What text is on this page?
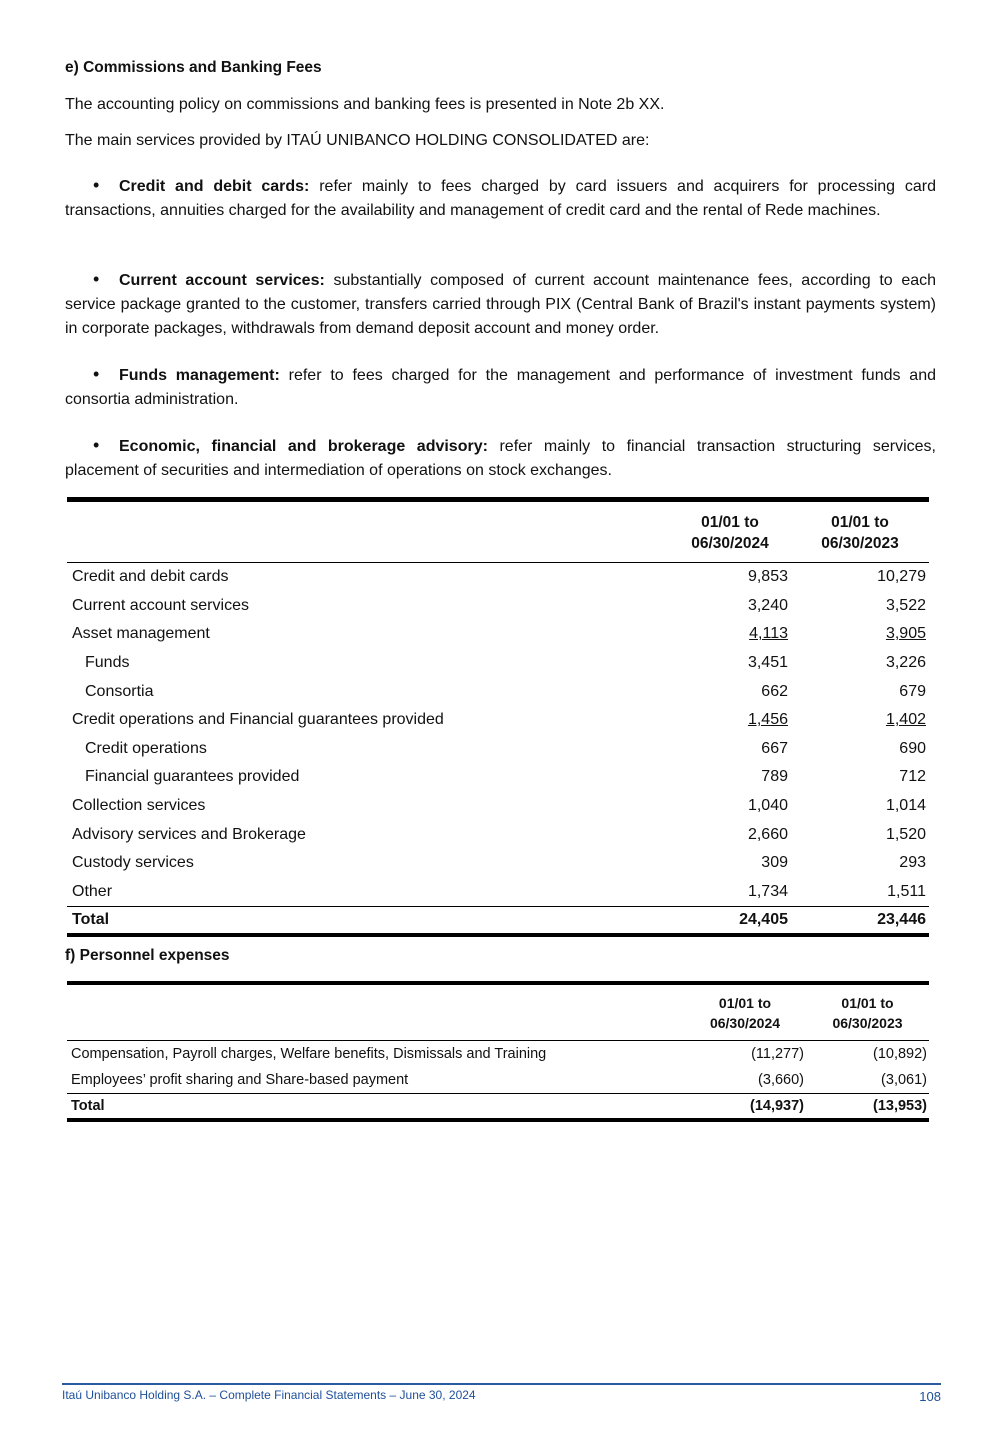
e) Commissions and Banking Fees
The accounting policy on commissions and banking fees is presented in Note 2b XX.
The main services provided by ITAÚ UNIBANCO HOLDING CONSOLIDATED are:
• Credit and debit cards: refer mainly to fees charged by card issuers and acquirers for processing card transactions, annuities charged for the availability and management of credit card and the rental of Rede machines.
• Current account services: substantially composed of current account maintenance fees, according to each service package granted to the customer, transfers carried through PIX (Central Bank of Brazil's instant payments system) in corporate packages, withdrawals from demand deposit account and money order.
• Funds management: refer to fees charged for the management and performance of investment funds and consortia administration.
• Economic, financial and brokerage advisory: refer mainly to financial transaction structuring services, placement of securities and intermediation of operations on stock exchanges.
	01/01 to
06/30/2024	01/01 to
06/30/2023
Credit and debit cards	9,853	10,279
Current account services	3,240	3,522
Asset management	4,113	3,905
Funds	3,451	3,226
Consortia	662	679
Credit operations and Financial guarantees provided	1,456	1,402
Credit operations	667	690
Financial guarantees provided	789	712
Collection services	1,040	1,014
Advisory services and Brokerage	2,660	1,520
Custody services	309	293
Other	1,734	1,511
Total	24,405	23,446
f) Personnel expenses
	01/01 to
06/30/2024	01/01 to
06/30/2023
Compensation, Payroll charges, Welfare benefits, Dismissals and Training	(11,277)	(10,892)
Employees’ profit sharing and Share-based payment	(3,660)	(3,061)
Total	(14,937)	(13,953)
Itaú Unibanco Holding S.A. – Complete Financial Statements – June 30, 2024	108
